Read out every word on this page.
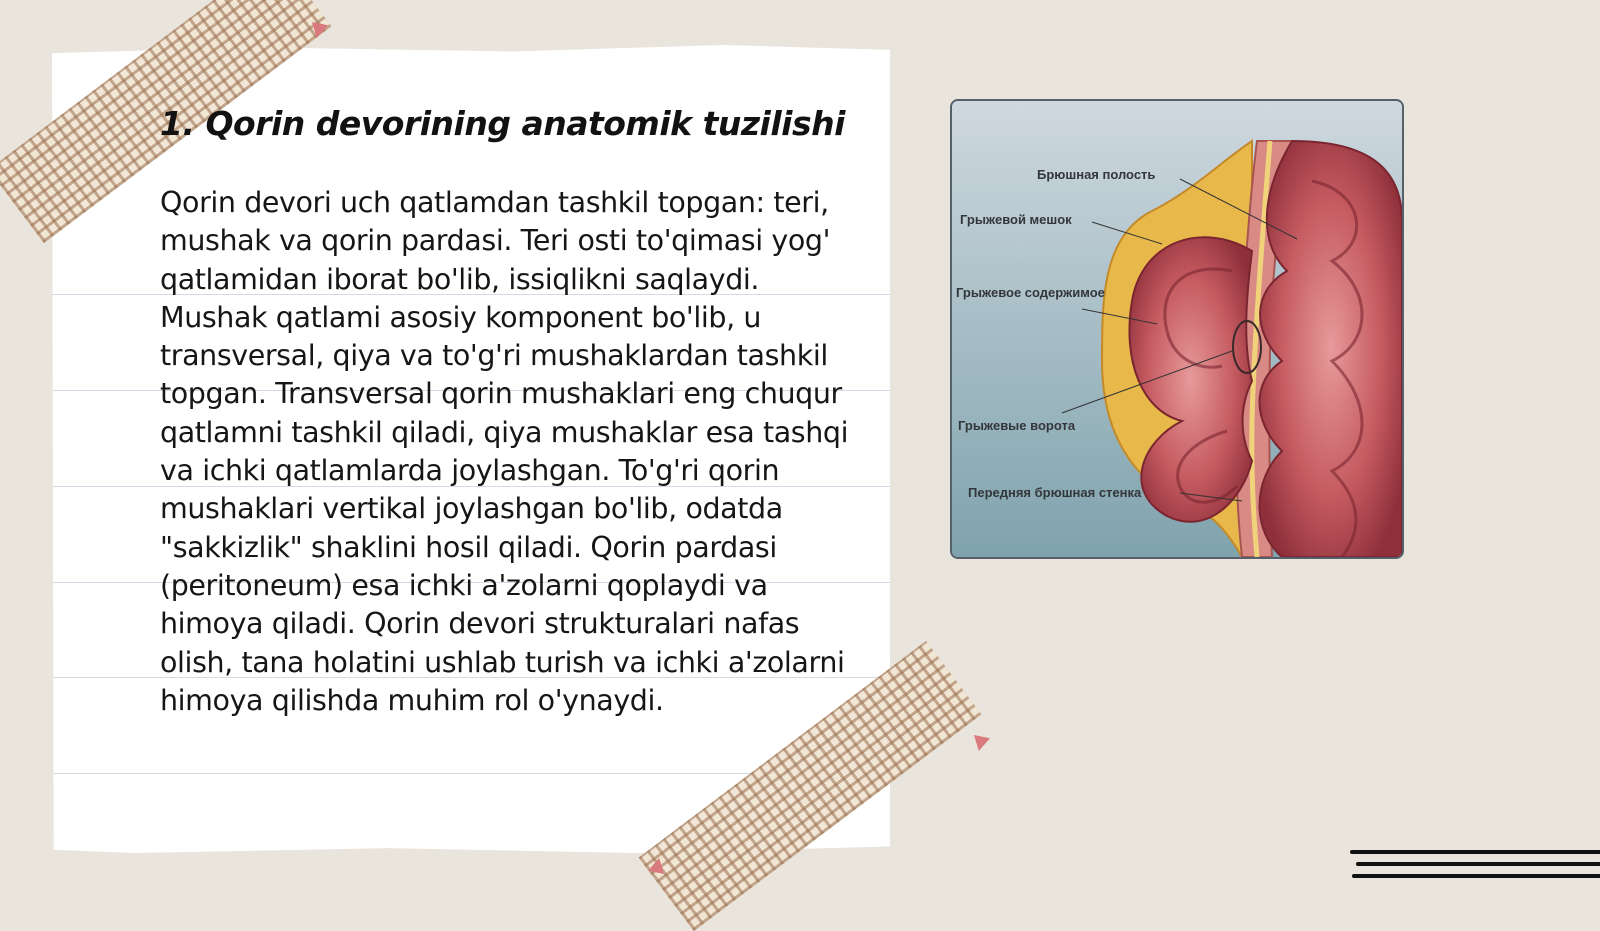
1. Qorin devorining anatomik tuzilishi

Qorin devori uch qatlamdan tashkil topgan: teri, mushak va qorin pardasi. Teri osti to'qimasi yog' qatlamidan iborat bo'lib, issiqlikni saqlaydi. Mushak qatlami asosiy komponent bo'lib, u transversal, qiya va to'g'ri mushaklardan tashkil topgan. Transversal qorin mushaklari eng chuqur qatlamni tashkil qiladi, qiya mushaklar esa tashqi va ichki qatlamlarda joylashgan. To'g'ri qorin mushaklari vertikal joylashgan bo'lib, odatda "sakkizlik" shaklini hosil qiladi. Qorin pardasi (peritoneum) esa ichki a'zolarni qoplaydi va himoya qiladi. Qorin devori strukturalari nafas olish, tana holatini ushlab turish va ichki a'zolarni himoya qilishda muhim rol o'ynaydi.

Брюшная полость
Грыжевой мешок
Грыжевое содержимое
Грыжевые ворота
Передняя брюшная стенка
